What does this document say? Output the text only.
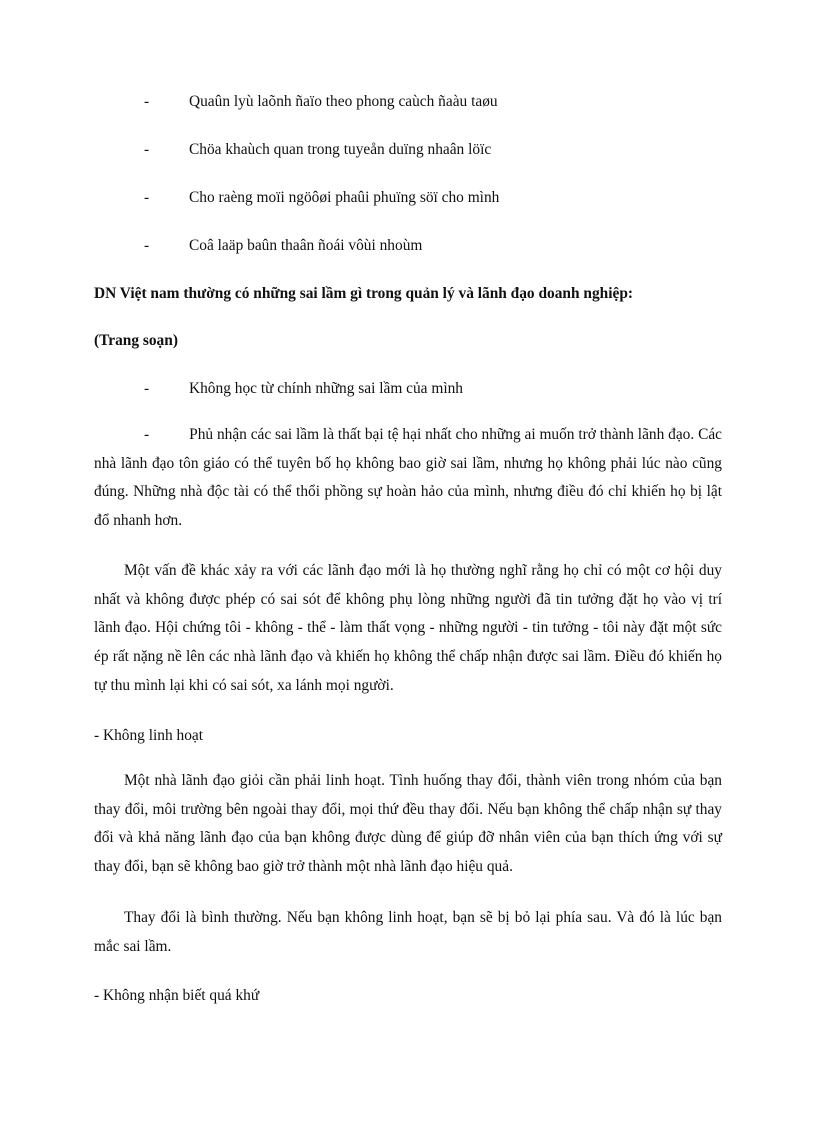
-	Quaûn lyù laõnh ñaïo theo phong caùch ñaàu taøu
-	Chöa khaùch quan trong tuyeån duïng nhaân löïc
-	Cho raèng moïi ngöôøi phaûi phuïng söï cho mình
-	Coâ laäp baûn thaân ñoái vôùi nhoùm
DN Việt nam thường có những sai lầm gì trong quản lý và lãnh đạo doanh nghiệp:
(Trang soạn)
-	Không học từ chính những sai lầm của mình
-	Phủ nhận các sai lầm là thất bại tệ hại nhất cho những ai muốn trở thành lãnh đạo. Các nhà lãnh đạo tôn giáo có thể tuyên bố họ không bao giờ sai lầm, nhưng họ không phải lúc nào cũng đúng. Những nhà độc tài có thể thổi phồng sự hoàn hảo của mình, nhưng điều đó chỉ khiến họ bị lật đổ nhanh hơn.
Một vấn đề khác xảy ra với các lãnh đạo mới là họ thường nghĩ rằng họ chỉ có một cơ hội duy nhất và không được phép có sai sót để không phụ lòng những người đã tin tưởng đặt họ vào vị trí lãnh đạo. Hội chứng tôi - không - thể - làm thất vọng - những người - tin tưởng - tôi này đặt một sức ép rất nặng nề lên các nhà lãnh đạo và khiến họ không thể chấp nhận được sai lầm. Điều đó khiến họ tự thu mình lại khi có sai sót, xa lánh mọi người.
- Không linh hoạt
Một nhà lãnh đạo giỏi cần phải linh hoạt. Tình huống thay đổi, thành viên trong nhóm của bạn thay đổi, môi trường bên ngoài thay đổi, mọi thứ đều thay đổi. Nếu bạn không thể chấp nhận sự thay đổi và khả năng lãnh đạo của bạn không được dùng để giúp đỡ nhân viên của bạn thích ứng với sự thay đổi, bạn sẽ không bao giờ trở thành một nhà lãnh đạo hiệu quả.
Thay đổi là bình thường. Nếu bạn không linh hoạt, bạn sẽ bị bỏ lại phía sau. Và đó là lúc bạn mắc sai lầm.
- Không nhận biết quá khứ
